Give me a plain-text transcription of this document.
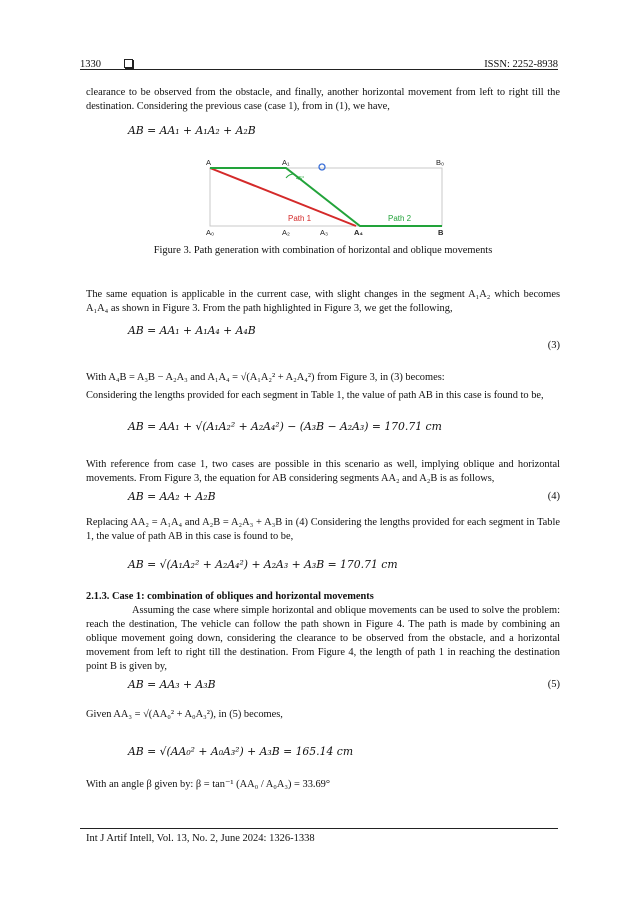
1330	ISSN: 2252-8938

clearance to be observed from the obstacle, and finally, another horizontal movement from left to right till the destination. Considering the previous case (case 1), from in (1), we have,

AB = AA₁ + A₁A₂ + A₂B
A	A₁	B₀
A₀	A₂	A₃	A₄	B
45°
Path 1	Path 2
Figure 3. Path generation with combination of horizontal and oblique movements

The same equation is applicable in the current case, with slight changes in the segment A₁A₂ which becomes A₁A₄ as shown in Figure 3. From the path highlighted in Figure 3, we get the following,

AB = AA₁ + A₁A₄ + A₄B
(3)

With A₄B = A₃B − A₂A₃ and A₁A₄ = √(A₁A₂² + A₂A₄²) from Figure 3, in (3) becomes:

Considering the lengths provided for each segment in Table 1, the value of path AB in this case is found to be,

AB = AA₁ + √(A₁A₂² + A₂A₄²) − (A₃B − A₂A₃) = 170.71 cm

With reference from case 1, two cases are possible in this scenario as well, implying oblique and horizontal movements. From Figure 3, the equation for AB considering segments AA₂ and A₂B is as follows,

AB = AA₂ + A₂B	(4)

Replacing AA₂ = A₁A₄ and A₂B = A₂A₃ + A₃B in (4) Considering the lengths provided for each segment in Table 1, the value of path AB in this case is found to be,

AB = √(A₁A₂² + A₂A₄²) + A₂A₃ + A₃B = 170.71 cm
2.1.3. Case 1: combination of obliques and horizontal movements

Assuming the case where simple horizontal and oblique movements can be used to solve the problem: reach the destination, The vehicle can follow the path shown in Figure 4. The path is made by combining an oblique movement going down, considering the clearance to be observed from the obstacle, and a horizontal movement from left to right till the destination. From Figure 4, the length of path 1 in reaching the destination point B is given by,

AB = AA₃ + A₃B	(5)

Given AA₃ = √(AA₀² + A₀A₃²), in (5) becomes,

AB = √(AA₀² + A₀A₃²) + A₃B = 165.14 cm

With an angle β given by: β = tan⁻¹ (AA₀ / A₀A₃) = 33.69°

Int J Artif Intell, Vol. 13, No. 2, June 2024: 1326-1338
